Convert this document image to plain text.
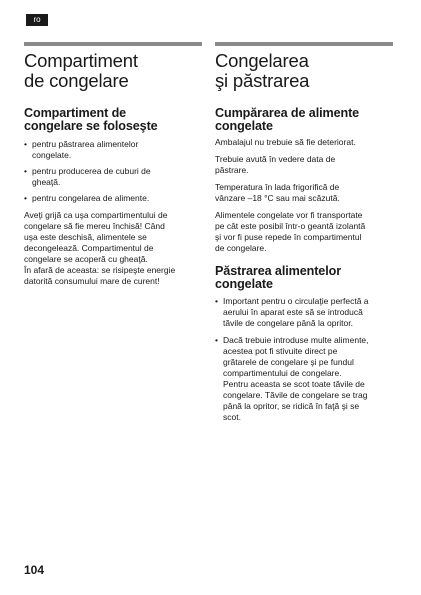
ro
Compartiment
de congelare
Compartiment de
congelare se foloseşte
• pentru păstrarea alimentelor
congelate.
• pentru producerea de cuburi de
gheaţă.
• pentru congelarea de alimente.

Aveţi grijă ca uşa compartimentului de
congelare să fie mereu închisă! Când
uşa este deschisă, alimentele se
decongelează. Compartimentul de
congelare se acoperă cu gheaţă.
În afară de aceasta: se risipeşte energie
datorită consumului mare de curent!

Congelarea
şi păstrarea
Cumpărarea de alimente
congelate

Ambalajul nu trebuie să fie deteriorat.

Trebuie avută în vedere data de
păstrare.

Temperatura în lada frigorifică de
vânzare –18 °C sau mai scăzută.

Alimentele congelate vor fi transportate
pe cât este posibil într-o geantă izolantă
şi vor fi puse repede în compartimentul
de congelare.

Păstrarea alimentelor
congelate
• Important pentru o circulaţie perfectă a
aerului în aparat este să se introducă
tăvile de congelare până la opritor.
• Dacă trebuie introduse multe alimente,
acestea pot fi stivuite direct pe
grătarele de congelare şi pe fundul
compartimentului de congelare.
Pentru aceasta se scot toate tăvile de
congelare. Tăvile de congelare se trag
până la opritor, se ridică în faţă şi se
scot.
104
